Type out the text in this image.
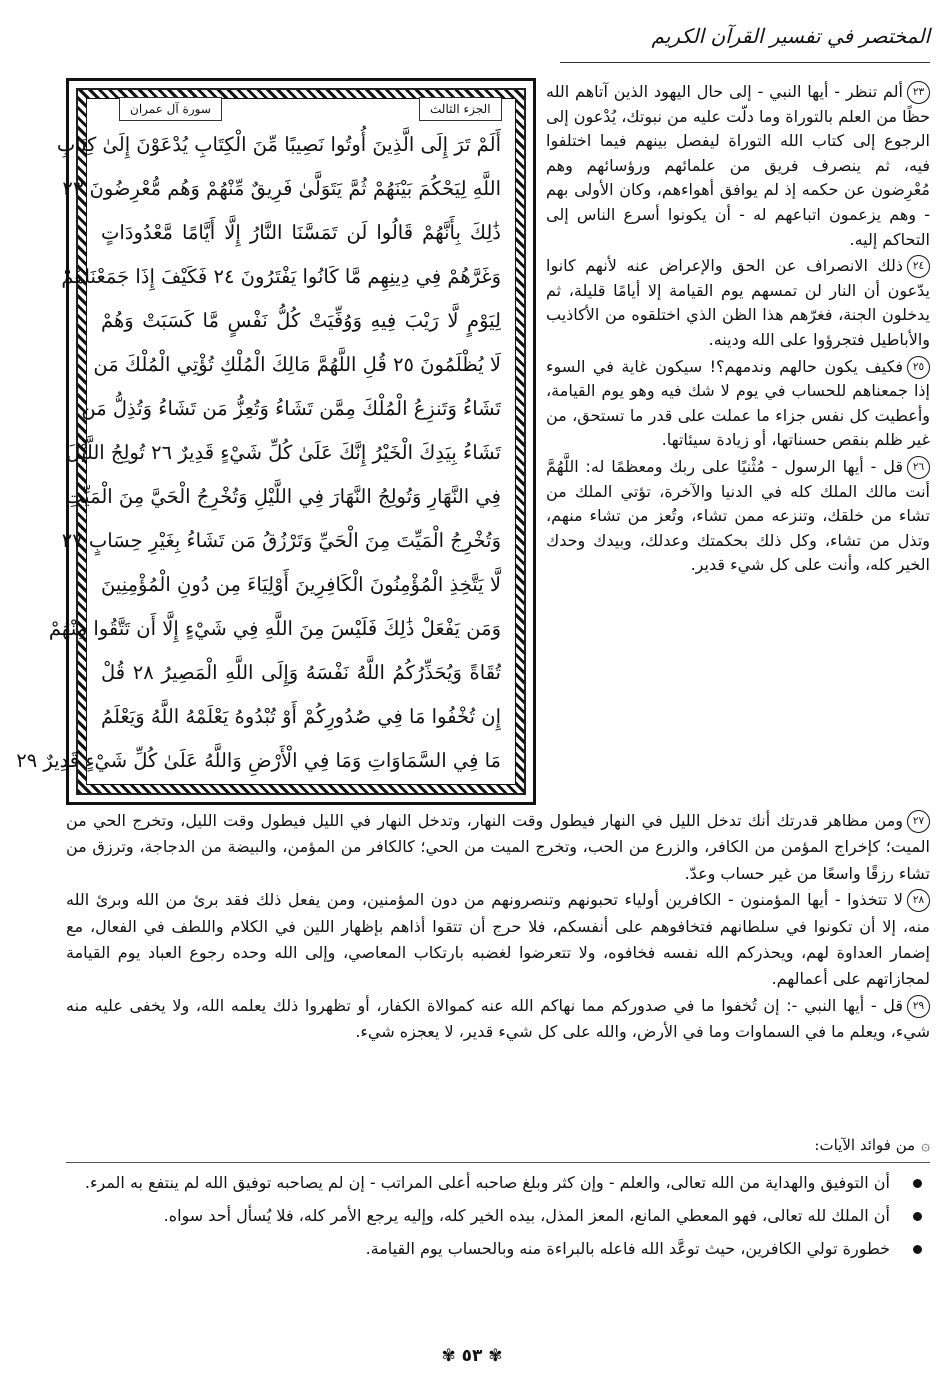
المختصر في تفسير القرآن الكريم
الجزء الثالث
سورة آل عمران
أَلَمْ تَرَ إِلَى الَّذِينَ أُوتُوا نَصِيبًا مِّنَ الْكِتَابِ يُدْعَوْنَ إِلَىٰ كِتَابِ
اللَّهِ لِيَحْكُمَ بَيْنَهُمْ ثُمَّ يَتَوَلَّىٰ فَرِيقٌ مِّنْهُمْ وَهُم مُّعْرِضُونَ ٢٣
ذَٰلِكَ بِأَنَّهُمْ قَالُوا لَن تَمَسَّنَا النَّارُ إِلَّا أَيَّامًا مَّعْدُودَاتٍ
وَغَرَّهُمْ فِي دِينِهِم مَّا كَانُوا يَفْتَرُونَ ٢٤ فَكَيْفَ إِذَا جَمَعْنَاهُمْ
لِيَوْمٍ لَّا رَيْبَ فِيهِ وَوُفِّيَتْ كُلُّ نَفْسٍ مَّا كَسَبَتْ وَهُمْ
لَا يُظْلَمُونَ ٢٥ قُلِ اللَّهُمَّ مَالِكَ الْمُلْكِ تُؤْتِي الْمُلْكَ مَن
تَشَاءُ وَتَنزِعُ الْمُلْكَ مِمَّن تَشَاءُ وَتُعِزُّ مَن تَشَاءُ وَتُذِلُّ مَن
تَشَاءُ بِيَدِكَ الْخَيْرُ إِنَّكَ عَلَىٰ كُلِّ شَيْءٍ قَدِيرٌ ٢٦ تُولِجُ اللَّيْلَ
فِي النَّهَارِ وَتُولِجُ النَّهَارَ فِي اللَّيْلِ وَتُخْرِجُ الْحَيَّ مِنَ الْمَيِّتِ
وَتُخْرِجُ الْمَيِّتَ مِنَ الْحَيِّ وَتَرْزُقُ مَن تَشَاءُ بِغَيْرِ حِسَابٍ ٢٧
لَّا يَتَّخِذِ الْمُؤْمِنُونَ الْكَافِرِينَ أَوْلِيَاءَ مِن دُونِ الْمُؤْمِنِينَ
وَمَن يَفْعَلْ ذَٰلِكَ فَلَيْسَ مِنَ اللَّهِ فِي شَيْءٍ إِلَّا أَن تَتَّقُوا مِنْهُمْ
تُقَاةً وَيُحَذِّرُكُمُ اللَّهُ نَفْسَهُ وَإِلَى اللَّهِ الْمَصِيرُ ٢٨ قُلْ
إِن تُخْفُوا مَا فِي صُدُورِكُمْ أَوْ تُبْدُوهُ يَعْلَمْهُ اللَّهُ وَيَعْلَمُ
مَا فِي السَّمَاوَاتِ وَمَا فِي الْأَرْضِ وَاللَّهُ عَلَىٰ كُلِّ شَيْءٍ قَدِيرٌ ٢٩

٢٣ألم تنظر - أيها النبي - إلى حال اليهود الذين آتاهم الله حظًا من العلم بالتوراة وما دلّت عليه من نبوتك، يُدْعون إلى الرجوع إلى كتاب الله التوراة ليفصل بينهم فيما اختلفوا فيه، ثم ينصرف فريق من علمائهم ورؤسائهم وهم مُعْرِضون عن حكمه إذ لم يوافق أهواءهم، وكان الأولى بهم - وهم يزعمون اتباعهم له - أن يكونوا أسرع الناس إلى التحاكم إليه.

٢٤ذلك الانصراف عن الحق والإعراض عنه لأنهم كانوا يدّعون أن النار لن تمسهم يوم القيامة إلا أيامًا قليلة، ثم يدخلون الجنة، فغرّهم هذا الظن الذي اختلقوه من الأكاذيب والأباطيل فتجرؤوا على الله ودينه.

٢٥فكيف يكون حالهم وندمهم؟! سيكون غاية في السوء إذا جمعناهم للحساب في يوم لا شك فيه وهو يوم القيامة، وأعطيت كل نفس جزاء ما عملت على قدر ما تستحق، من غير ظلم بنقص حسناتها، أو زيادة سيئاتها.

٢٦قل - أيها الرسول - مُثْنيًا على ربك ومعظمًا له: اللَّهُمَّ أنت مالك الملك كله في الدنيا والآخرة، تؤتي الملك من تشاء من خلقك، وتنزعه ممن تشاء، وتُعز من تشاء منهم، وتذل من تشاء، وكل ذلك بحكمتك وعدلك، وبيدك وحدك الخير كله، وأنت على كل شيء قدير.

٢٧ومن مظاهر قدرتك أنك تدخل الليل في النهار فيطول وقت النهار، وتدخل النهار في الليل فيطول وقت الليل، وتخرج الحي من الميت؛ كإخراج المؤمن من الكافر، والزرع من الحب، وتخرج الميت من الحي؛ كالكافر من المؤمن، والبيضة من الدجاجة، وترزق من تشاء رزقًا واسعًا من غير حساب وعدّ.

٢٨لا تتخذوا - أيها المؤمنون - الكافرين أولياء تحبونهم وتنصرونهم من دون المؤمنين، ومن يفعل ذلك فقد برئ من الله وبرئ الله منه، إلا أن تكونوا في سلطانهم فتخافوهم على أنفسكم، فلا حرج أن تتقوا أذاهم بإظهار اللين في الكلام واللطف في الفعال، مع إضمار العداوة لهم، ويحذركم الله نفسه فخافوه، ولا تتعرضوا لغضبه بارتكاب المعاصي، وإلى الله وحده رجوع العباد يوم القيامة لمجازاتهم على أعمالهم.

٢٩قل - أيها النبي -: إن تُخفوا ما في صدوركم مما نهاكم الله عنه كموالاة الكفار، أو تظهروا ذلك يعلمه الله، ولا يخفى عليه منه شيء، ويعلم ما في السماوات وما في الأرض، والله على كل شيء قدير، لا يعجزه شيء.

۞من فوائد الآيات:
أن التوفيق والهداية من الله تعالى، والعلم - وإن كثر وبلغ صاحبه أعلى المراتب - إن لم يصاحبه توفيق الله لم ينتفع به المرء.
أن الملك لله تعالى، فهو المعطي المانع، المعز المذل، بيده الخير كله، وإليه يرجع الأمر كله، فلا يُسأل أحد سواه.
خطورة تولي الكافرين، حيث توعَّد الله فاعله بالبراءة منه وبالحساب يوم القيامة.
✾ ٥٣ ✾
